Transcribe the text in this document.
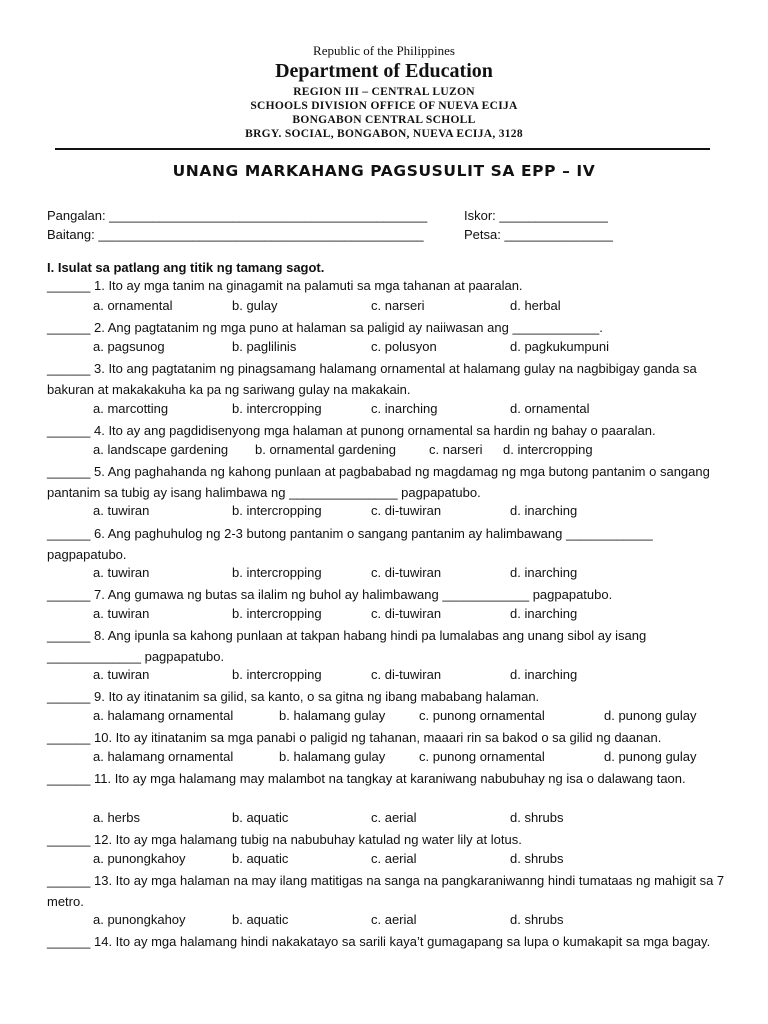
Republic of the Philippines
Department of Education
REGION III – CENTRAL LUZON
SCHOOLS DIVISION OFFICE OF NUEVA ECIJA
BONGABON CENTRAL SCHOLL
BRGY. SOCIAL, BONGABON, NUEVA ECIJA, 3128
UNANG MARKAHANG PAGSUSULIT SA EPP – IV
Pangalan: ____________________________________________
Baitang: _____________________________________________
Iskor: _______________
Petsa: _______________
I. Isulat sa patlang ang titik ng tamang sagot.
______ 1. Ito ay mga tanim na ginagamit na palamuti sa mga tahanan at paaralan.
a. ornamental	b. gulay	c. narseri	d. herbal
______ 2. Ang pagtatanim ng mga puno at halaman sa paligid ay naiiwasan ang ____________.
a. pagsunog	b. paglilinis	c. polusyon	d. pagkukumpuni
______ 3. Ito ang pagtatanim ng pinagsamang halamang ornamental at halamang gulay na nagbibigay ganda sa bakuran at makakakuha ka pa ng sariwang gulay na makakain.
a. marcotting	b. intercropping	c. inarching	d. ornamental
______ 4. Ito ay ang pagdidisenyong mga halaman at punong ornamental sa hardin ng bahay o paaralan.
a. landscape gardening b. ornamental gardening	c. narseri d. intercropping
______ 5. Ang paghahanda ng kahong punlaan at pagbababad ng magdamag ng mga butong pantanim o sangang pantanim sa tubig ay isang halimbawa ng _______________ pagpapatubo.
a. tuwiran	b. intercropping	c. di-tuwiran	d. inarching
______ 6. Ang paghuhulog ng 2-3 butong pantanim o sangang pantanim ay halimbawang ____________ pagpapatubo.
a. tuwiran	b. intercropping	c. di-tuwiran	d. inarching
______ 7. Ang gumawa ng butas sa ilalim ng buhol ay halimbawang ____________ pagpapatubo.
a. tuwiran	b. intercropping	c. di-tuwiran	d. inarching
______ 8. Ang ipunla sa kahong punlaan at takpan habang hindi pa lumalabas ang unang sibol ay isang _____________ pagpapatubo.
a. tuwiran	b. intercropping	c. di-tuwiran	d. inarching
______ 9. Ito ay itinatanim sa gilid, sa kanto, o sa gitna ng ibang mababang halaman.
a. halamang ornamental	b. halamang gulay	c. punong ornamental	d. punong gulay
______ 10. Ito ay itinatanim sa mga panabi o paligid ng tahanan, maaari rin sa bakod o sa gilid ng daanan.
a. halamang ornamental	b. halamang gulay	c. punong ornamental	d. punong gulay
______ 11. Ito ay mga halamang may malambot na tangkay at karaniwang nabubuhay ng isa o dalawang taon.
a. herbs	b. aquatic	c. aerial	d. shrubs
______ 12. Ito ay mga halamang tubig na nabubuhay katulad ng water lily at lotus.
a. punongkahoy	b. aquatic	c. aerial	d. shrubs
______ 13. Ito ay mga halaman na may ilang matitigas na sanga na pangkaraniwanng hindi tumataas ng mahigit sa 7 metro.
a. punongkahoy	b. aquatic	c. aerial	d. shrubs
______ 14. Ito ay mga halamang hindi nakakatayo sa sarili kaya’t gumagapang sa lupa o kumakapit sa mga bagay.
